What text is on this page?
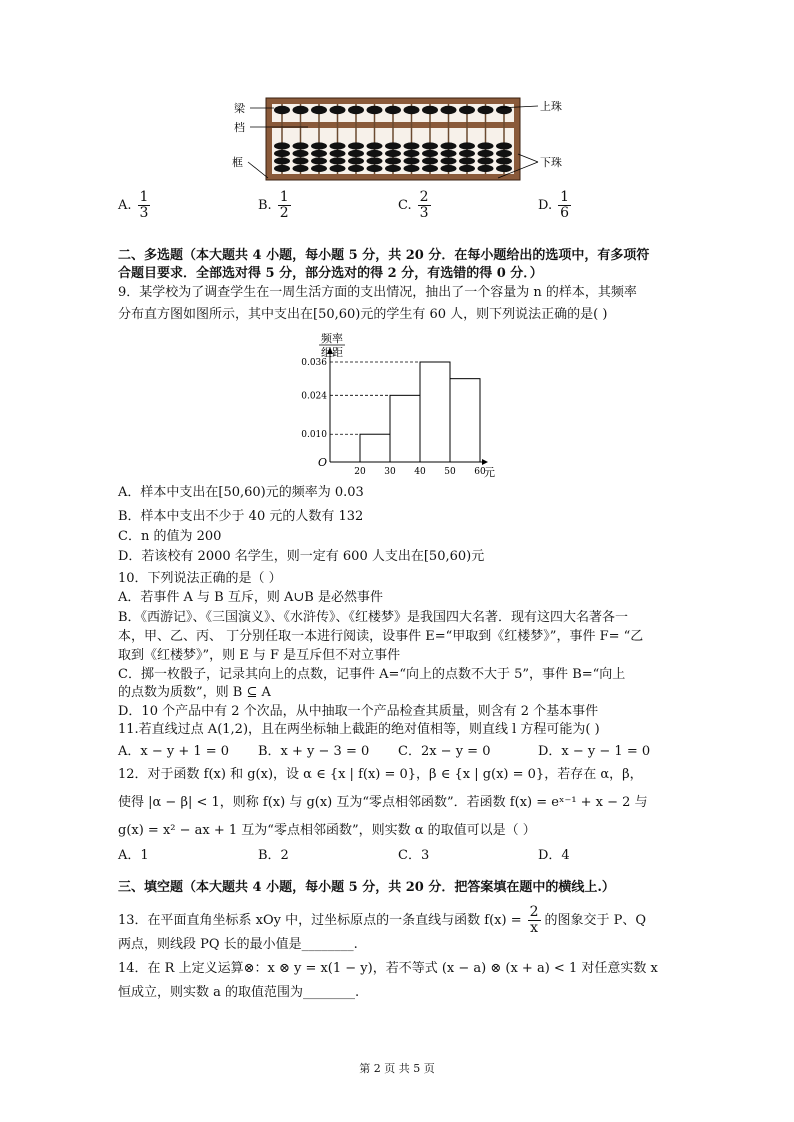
梁
档
框
上珠
下珠
A. $\frac{1}{3}$	B. $\frac{1}{2}$	C. $\frac{2}{3}$	D. $\frac{1}{6}$
二、多选题（本大题共 4 小题，每小题 5 分，共 20 分．在每小题给出的选项中，有多项符
合题目要求．全部选对得 5 分，部分选对的得 2 分，有选错的得 0 分．）
9．某学校为了调查学生在一周生活方面的支出情况，抽出了一个容量为 n 的样本，其频率
分布直方图如图所示，其中支出在[50,60)元的学生有 60 人，则下列说法正确的是( )
频率
组距
O
元
0.010
0.024
0.036
20 30 40 50 60
A．样本中支出在[50,60)元的频率为 0.03
B．样本中支出不少于 40 元的人数有 132
C．n 的值为 200
D．若该校有 2000 名学生，则一定有 600 人支出在[50,60)元
10．下列说法正确的是（ ）
A．若事件 A 与 B 互斥，则 A∪B 是必然事件
B．《西游记》、《三国演义》、《水浒传》、《红楼梦》是我国四大名著．现有这四大名著各一
本，甲、乙、丙、 丁分别任取一本进行阅读，设事件 E=“甲取到《红楼梦》”，事件 F= “乙
取到《红楼梦》”，则 E 与 F 是互斥但不对立事件
C．掷一枚骰子，记录其向上的点数，记事件 A=“向上的点数不大于 5”，事件 B=“向上
的点数为质数”，则 B ⊆ A
D．10 个产品中有 2 个次品，从中抽取一个产品检查其质量，则含有 2 个基本事件
11.若直线过点 A(1,2)，且在两坐标轴上截距的绝对值相等，则直线 l 方程可能为( )
A．x − y + 1 = 0 B．x + y − 3 = 0 C．2x − y = 0	D．x − y − 1 = 0
12．对于函数 f(x) 和 g(x)，设 α ∈ {x | f(x) = 0}，β ∈ {x | g(x) = 0}，若存在 α，β，
使得 |α − β| < 1，则称 f(x) 与 g(x) 互为“零点相邻函数”．若函数 f(x) = eˣ⁻¹ + x − 2 与
g(x) = x² − ax + 1 互为“零点相邻函数”，则实数 α 的取值可以是（ ）
A．1	B．2	C．3	D．4
三、填空题（本大题共 4 小题，每小题 5 分，共 20 分．把答案填在题中的横线上.）
13．在平面直角坐标系 xOy 中，过坐标原点的一条直线与函数 $f(x) = \frac{2}{x}$ 的图象交于 P、Q
两点，则线段 PQ 长的最小值是________.
14．在 R 上定义运算⊗：x ⊗ y = x(1 − y)，若不等式 (x − a) ⊗ (x + a) < 1 对任意实数 x
恒成立，则实数 a 的取值范围为________.
第 2 页 共 5 页
